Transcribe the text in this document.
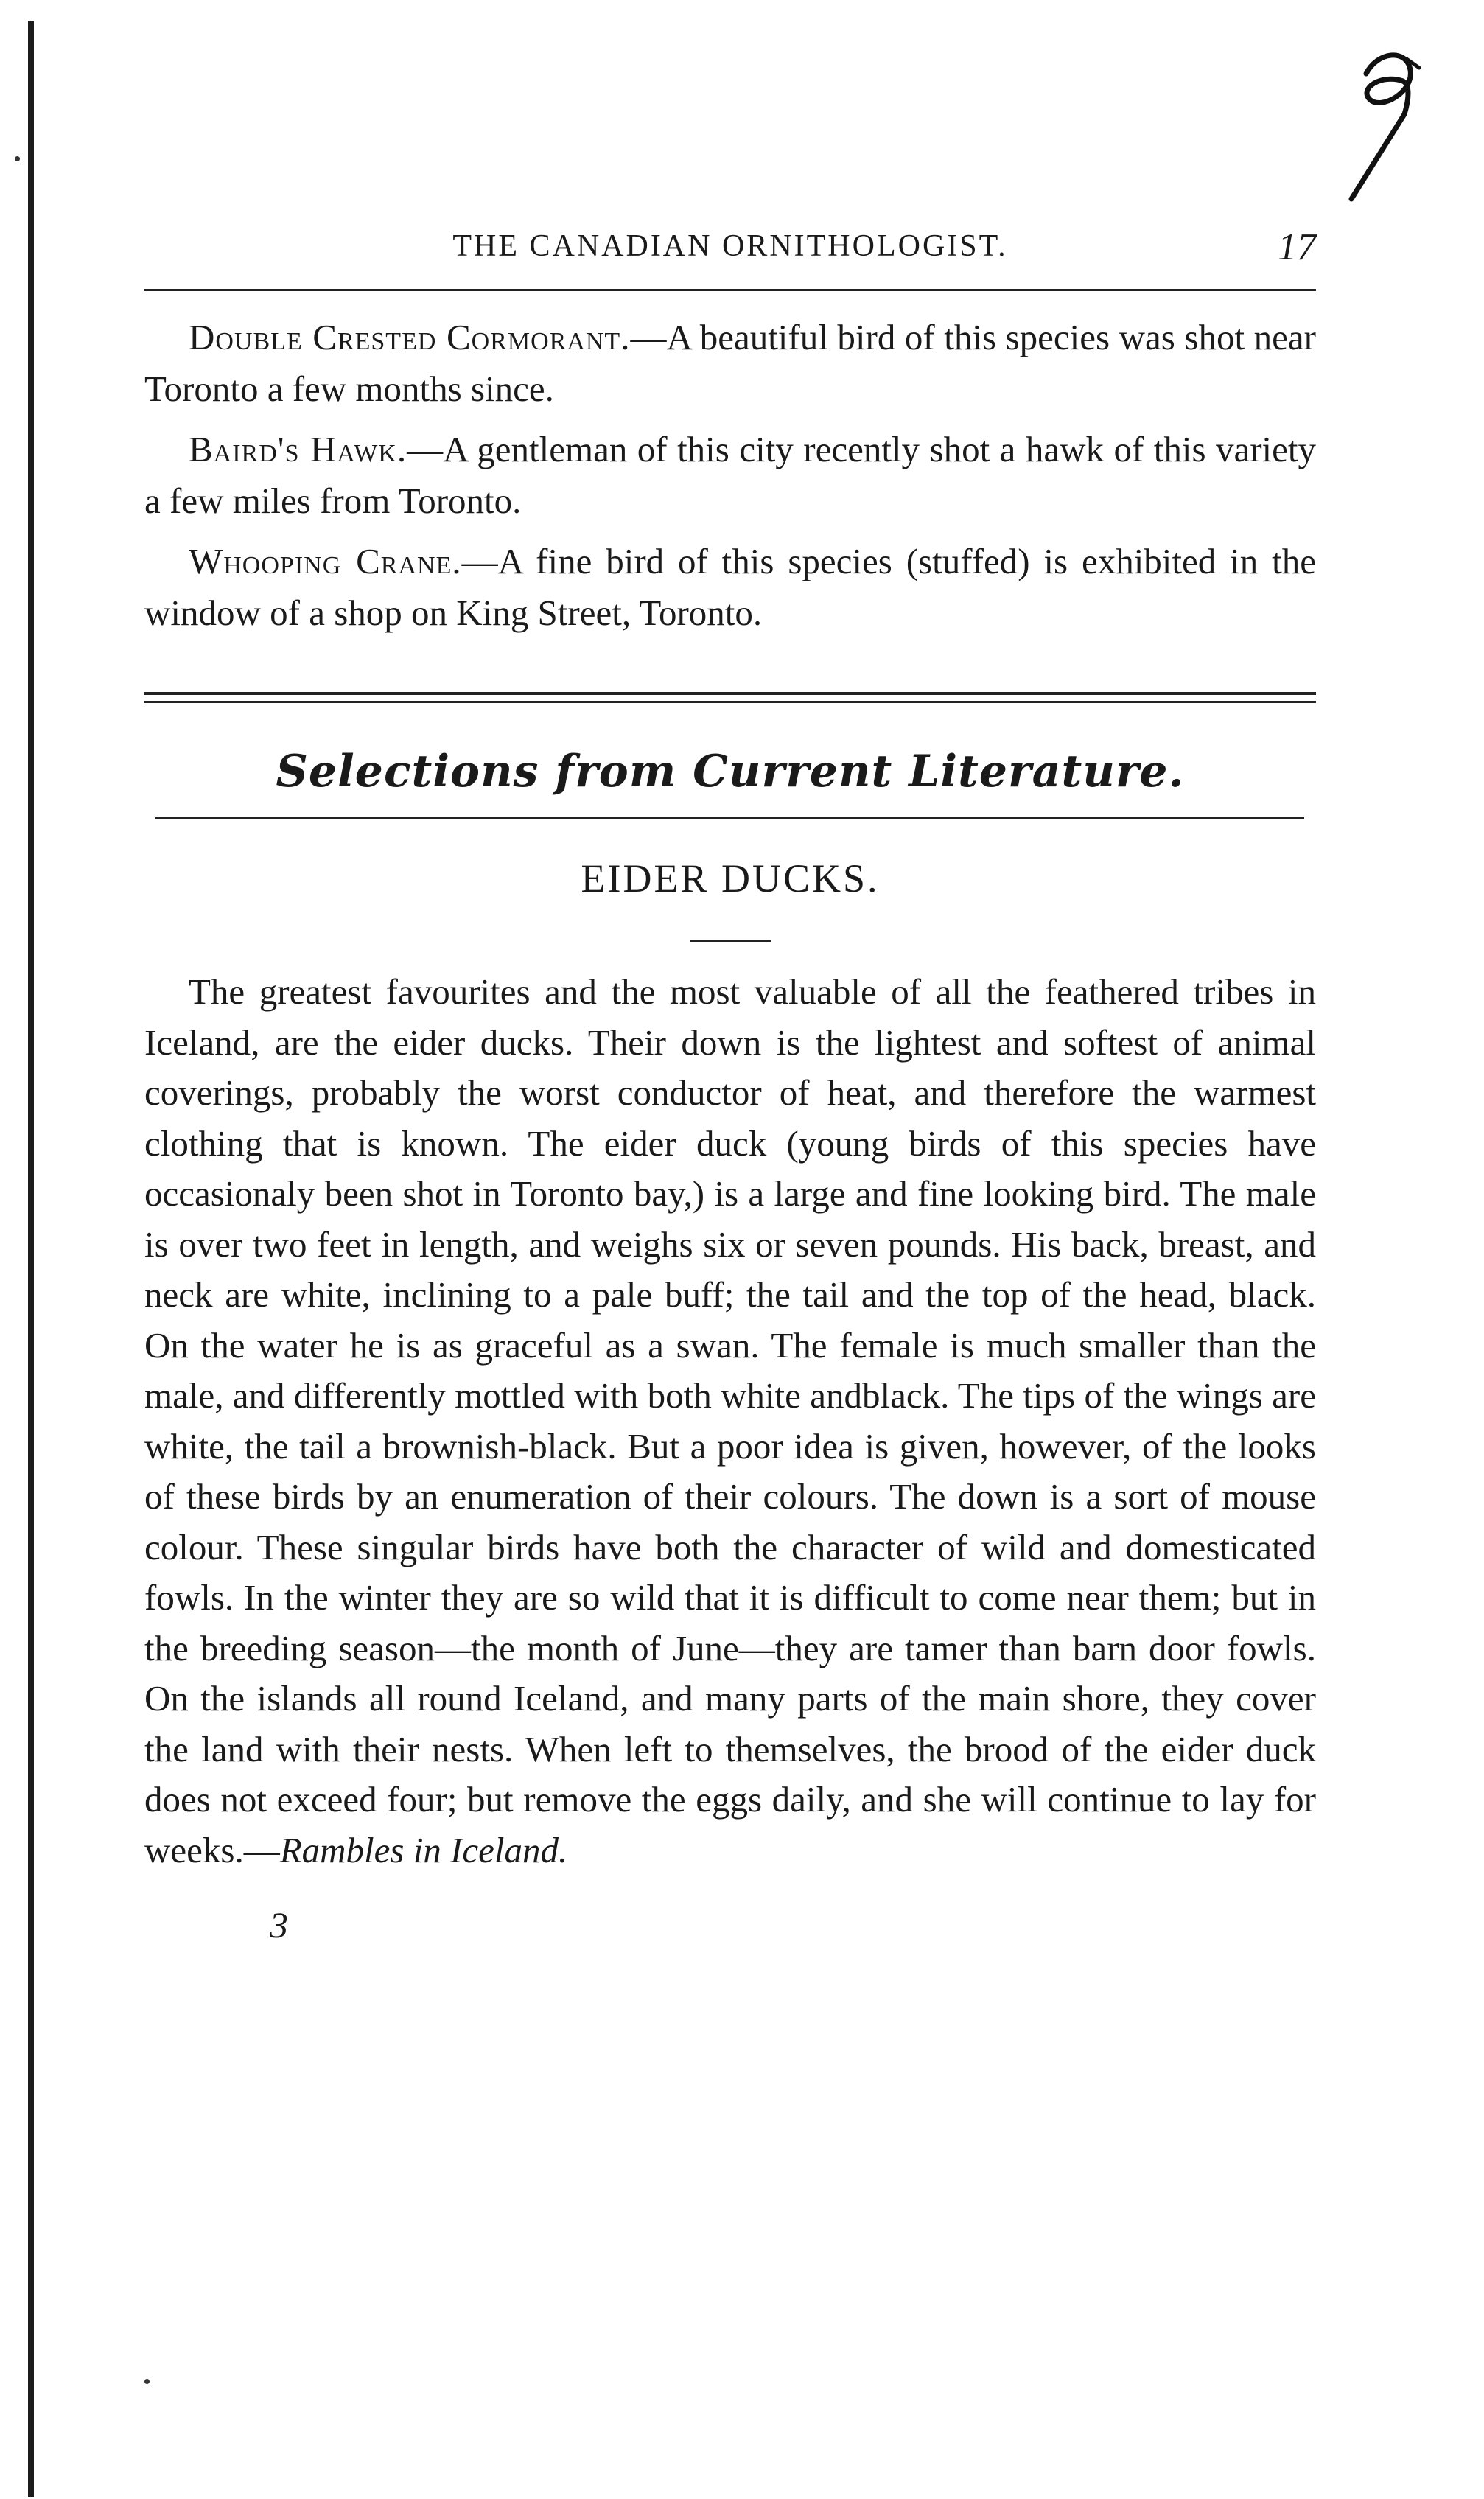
THE CANADIAN ORNITHOLOGIST.	17

Double Crested Cormorant.—A beautiful bird of this species was shot near Toronto a few months since.

Baird's Hawk.—A gentleman of this city recently shot a hawk of this variety a few miles from Toronto.

Whooping Crane.—A fine bird of this species (stuffed) is exhibited in the window of a shop on King Street, Toronto.

Selections from Current Literature.
EIDER DUCKS.

The greatest favourites and the most valuable of all the feathered tribes in Iceland, are the eider ducks. Their down is the lightest and softest of animal coverings, probably the worst conductor of heat, and therefore the warmest clothing that is known. The eider duck (young birds of this species have occasionaly been shot in Toronto bay,) is a large and fine looking bird. The male is over two feet in length, and weighs six or seven pounds. His back, breast, and neck are white, inclining to a pale buff; the tail and the top of the head, black. On the water he is as graceful as a swan. The female is much smaller than the male, and differently mottled with both white andblack. The tips of the wings are white, the tail a brownish-black. But a poor idea is given, however, of the looks of these birds by an enumeration of their colours. The down is a sort of mouse colour. These singular birds have both the character of wild and domesticated fowls. In the winter they are so wild that it is difficult to come near them; but in the breeding season—the month of June—they are tamer than barn door fowls. On the islands all round Iceland, and many parts of the main shore, they cover the land with their nests. When left to themselves, the brood of the eider duck does not exceed four; but remove the eggs daily, and she will continue to lay for weeks.—Rambles in Iceland.

3
